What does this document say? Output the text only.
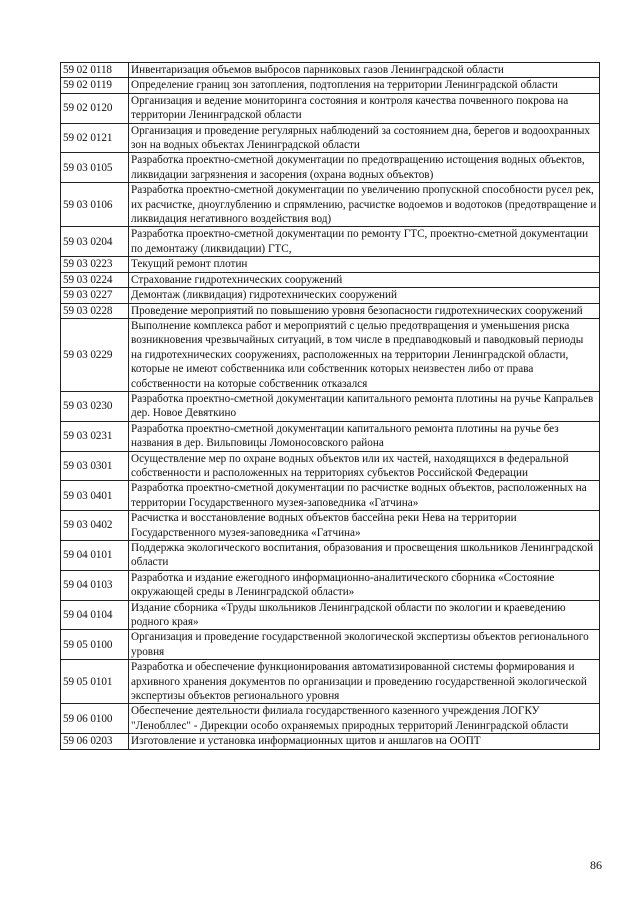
59 02 0118	Инвентаризация объемов выбросов парниковых газов Ленинградской области
59 02 0119	Определение границ зон затопления, подтопления на территории Ленинградской области
59 02 0120	Организация и ведение мониторинга состояния и контроля качества почвенного покрова на территории Ленинградской области
59 02 0121	Организация и проведение регулярных наблюдений за состоянием дна, берегов и водоохранных зон на водных объектах Ленинградской области
59 03 0105	Разработка проектно-сметной документации по предотвращению истощения водных объектов, ликвидации загрязнения и засорения (охрана водных объектов)
59 03 0106	Разработка проектно-сметной документации по увеличению пропускной способности русел рек, их расчистке, дноуглублению и спрямлению, расчистке водоемов и водотоков (предотвращение и ликвидация негативного воздействия вод)
59 03 0204	Разработка проектно-сметной документации по ремонту ГТС, проектно-сметной документации по демонтажу (ликвидации) ГТС,
59 03 0223	Текущий ремонт плотин
59 03 0224	Страхование гидротехнических сооружений
59 03 0227	Демонтаж (ликвидация) гидротехнических сооружений
59 03 0228	Проведение мероприятий по повышению уровня безопасности гидротехнических сооружений
59 03 0229	Выполнение комплекса работ и мероприятий с целью предотвращения и уменьшения риска возникновения чрезвычайных ситуаций, в том числе в предпаводковый и паводковый периоды на гидротехнических сооружениях, расположенных на территории Ленинградской области, которые не имеют собственника или собственник которых неизвестен либо от права собственности на которые собственник отказался
59 03 0230	Разработка проектно-сметной документации капитального ремонта плотины на ручье Капральев дер. Новое Девяткино
59 03 0231	Разработка проектно-сметной документации капитального ремонта плотины на ручье без названия в дер. Вильповицы Ломоносовского района
59 03 0301	Осуществление мер по охране водных объектов или их частей, находящихся в федеральной собственности и расположенных на территориях субъектов Российской Федерации
59 03 0401	Разработка проектно-сметной документации по расчистке водных объектов, расположенных на территории Государственного музея-заповедника «Гатчина»
59 03 0402	Расчистка и восстановление водных объектов бассейна реки Нева на территории Государственного музея-заповедника «Гатчина»
59 04 0101	Поддержка экологического воспитания, образования и просвещения школьников Ленинградской области
59 04 0103	Разработка и издание ежегодного информационно-аналитического сборника «Состояние окружающей среды в Ленинградской области»
59 04 0104	Издание сборника «Труды школьников Ленинградской области по экологии и краеведению родного края»
59 05 0100	Организация и проведение государственной экологической экспертизы объектов регионального уровня
59 05 0101	Разработка и обеспечение функционирования автоматизированной системы формирования и архивного хранения документов по организации и проведению государственной экологической экспертизы объектов регионального уровня
59 06 0100	Обеспечение деятельности филиала государственного казенного учреждения ЛОГКУ "Ленобллес" - Дирекции особо охраняемых природных территорий Ленинградской области
59 06 0203	Изготовление и установка информационных щитов и аншлагов на ООПТ
86
